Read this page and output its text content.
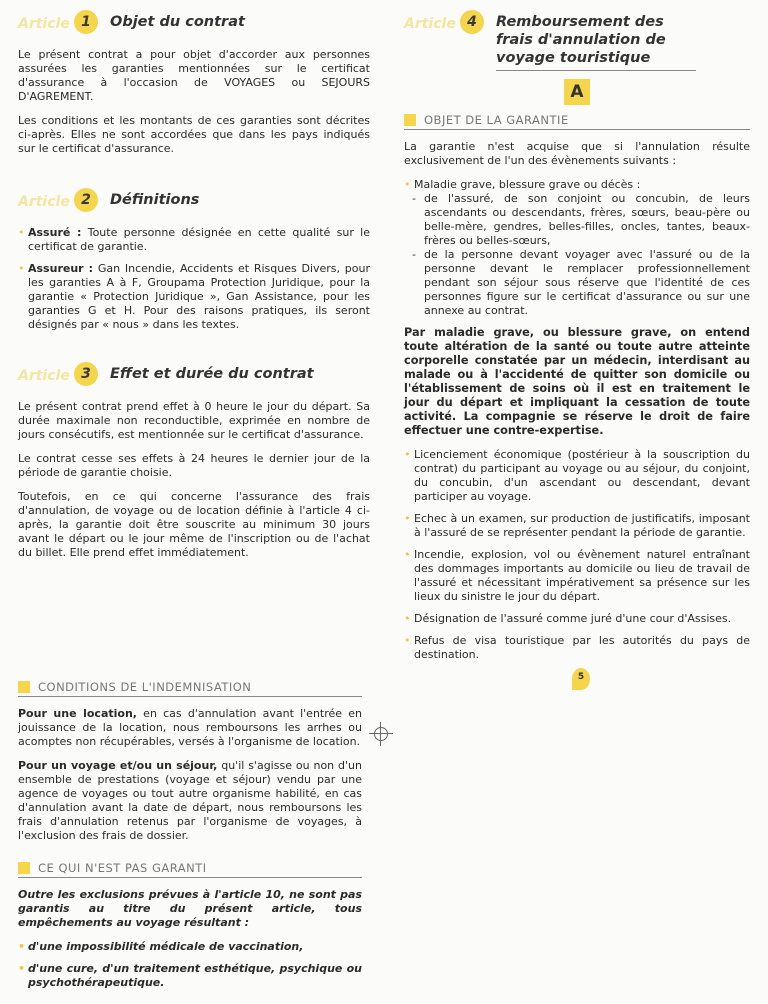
Article 1	Objet du contrat

Le présent contrat a pour objet d'accorder aux personnes assurées les garanties mentionnées sur le certificat d'assurance à l'occasion de VOYAGES ou SEJOURS D'AGREMENT.

Les conditions et les montants de ces garanties sont décrites ci-après. Elles ne sont accordées que dans les pays indiqués sur le certificat d'assurance.

Article 2	Définitions
• Assuré : Toute personne désignée en cette qualité sur le certificat de garantie.
• Assureur : Gan Incendie, Accidents et Risques Divers, pour les garanties A à F, Groupama Protection Juridique, pour la garantie « Protection Juridique », Gan Assistance, pour les garanties G et H. Pour des raisons pratiques, ils seront désignés par « nous » dans les textes.
Article 3	Effet et durée du contrat

Le présent contrat prend effet à 0 heure le jour du départ. Sa durée maximale non reconductible, exprimée en nombre de jours consécutifs, est mentionnée sur le certificat d'assurance.

Le contrat cesse ses effets à 24 heures le dernier jour de la période de garantie choisie.

Toutefois, en ce qui concerne l'assurance des frais d'annulation, de voyage ou de location définie à l'article 4 ci-après, la garantie doit être souscrite au minimum 30 jours avant le départ ou le jour même de l'inscription ou de l'achat du billet. Elle prend effet immédiatement.

Article 4	Remboursement des frais d'annulation de voyage touristique
A
OBJET DE LA GARANTIE

La garantie n'est acquise que si l'annulation résulte exclusivement de l'un des évènements suivants :

• Maladie grave, blessure grave ou décès :
- de l'assuré, de son conjoint ou concubin, de leurs ascendants ou descendants, frères, sœurs, beau-père ou belle-mère, gendres, belles-filles, oncles, tantes, beaux-frères ou belles-sœurs,
- de la personne devant voyager avec l'assuré ou de la personne devant le remplacer professionnellement pendant son séjour sous réserve que l'identité de ces personnes figure sur le certificat d'assurance ou sur une annexe au contrat.

Par maladie grave, ou blessure grave, on entend toute altération de la santé ou toute autre atteinte corporelle constatée par un médecin, interdisant au malade ou à l'accidenté de quitter son domicile ou l'établissement de soins où il est en traitement le jour du départ et impliquant la cessation de toute activité. La compagnie se réserve le droit de faire effectuer une contre-expertise.

• Licenciement économique (postérieur à la souscription du contrat) du participant au voyage ou au séjour, du conjoint, du concubin, d'un ascendant ou descendant, devant participer au voyage.
• Echec à un examen, sur production de justificatifs, imposant à l'assuré de se représenter pendant la période de garantie.
• Incendie, explosion, vol ou évènement naturel entraînant des dommages importants au domicile ou lieu de travail de l'assuré et nécessitant impérativement sa présence sur les lieux du sinistre le jour du départ.
• Désignation de l'assuré comme juré d'une cour d'Assises.
• Refus de visa touristique par les autorités du pays de destination.
5
CONDITIONS DE L'INDEMNISATION

Pour une location, en cas d'annulation avant l'entrée en jouissance de la location, nous remboursons les arrhes ou acomptes non récupérables, versés à l'organisme de location.

Pour un voyage et/ou un séjour, qu'il s'agisse ou non d'un ensemble de prestations (voyage et séjour) vendu par une agence de voyages ou tout autre organisme habilité, en cas d'annulation avant la date de départ, nous remboursons les frais d'annulation retenus par l'organisme de voyages, à l'exclusion des frais de dossier.

CE QUI N'EST PAS GARANTI

Outre les exclusions prévues à l'article 10, ne sont pas garantis au titre du présent article, tous empêchements au voyage résultant :

• d'une impossibilité médicale de vaccination,
• d'une cure, d'un traitement esthétique, psychique ou psychothérapeutique.
